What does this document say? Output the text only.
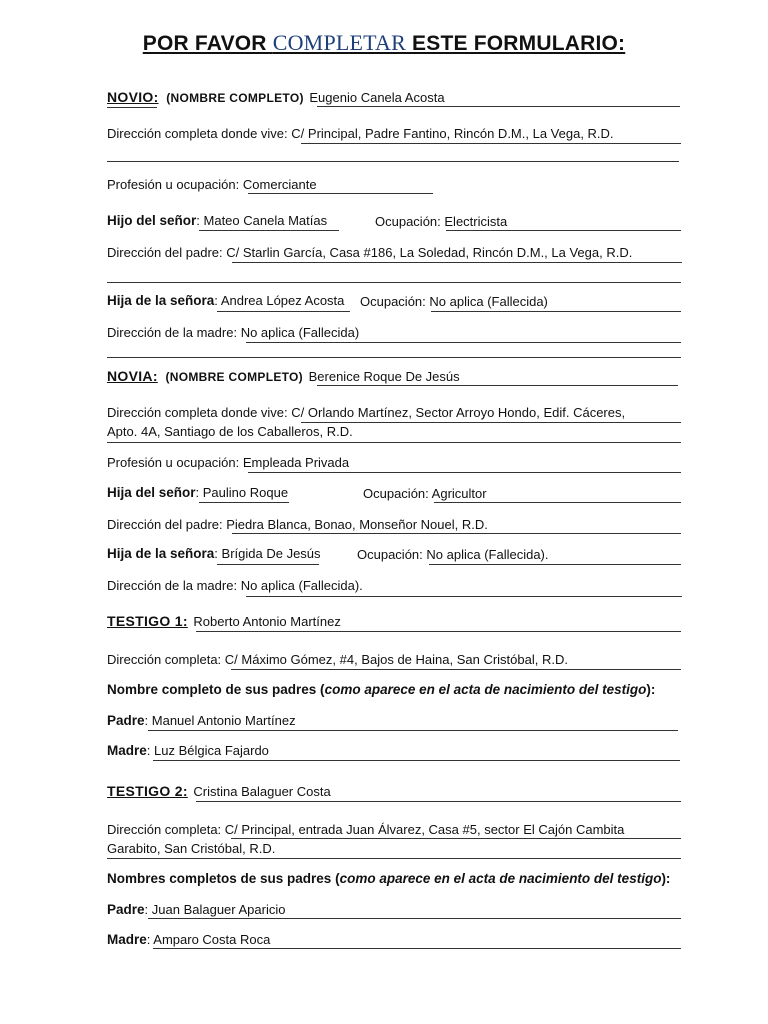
POR FAVOR COMPLETAR ESTE FORMULARIO:
NOVIO: (NOMBRE COMPLETO) Eugenio Canela Acosta
Dirección completa donde vive: C/ Principal, Padre Fantino, Rincón D.M., La Vega, R.D.
Profesión u ocupación: Comerciante
Hijo del señor: Mateo Canela Matías	Ocupación: Electricista
Dirección del padre: C/ Starlin García, Casa #186, La Soledad, Rincón D.M., La Vega, R.D.
Hija de la señora: Andrea López Acosta Ocupación: No aplica (Fallecida)
Dirección de la madre: No aplica (Fallecida)
NOVIA: (NOMBRE COMPLETO) Berenice Roque De Jesús
Dirección completa donde vive: C/ Orlando Martínez, Sector Arroyo Hondo, Edif. Cáceres,
Apto. 4A, Santiago de los Caballeros, R.D.
Profesión u ocupación: Empleada Privada
Hija del señor: Paulino Roque	Ocupación: Agricultor
Dirección del padre: Piedra Blanca, Bonao, Monseñor Nouel, R.D.
Hija de la señora: Brígida De Jesús	Ocupación: No aplica (Fallecida).
Dirección de la madre: No aplica (Fallecida).
TESTIGO 1: Roberto Antonio Martínez
Dirección completa: C/ Máximo Gómez, #4, Bajos de Haina, San Cristóbal, R.D.
Nombre completo de sus padres (como aparece en el acta de nacimiento del testigo):
Padre: Manuel Antonio Martínez
Madre: Luz Bélgica Fajardo
TESTIGO 2: Cristina Balaguer Costa
Dirección completa: C/ Principal, entrada Juan Álvarez, Casa #5, sector El Cajón Cambita
Garabito, San Cristóbal, R.D.
Nombres completos de sus padres (como aparece en el acta de nacimiento del testigo):
Padre: Juan Balaguer Aparicio
Madre: Amparo Costa Roca
